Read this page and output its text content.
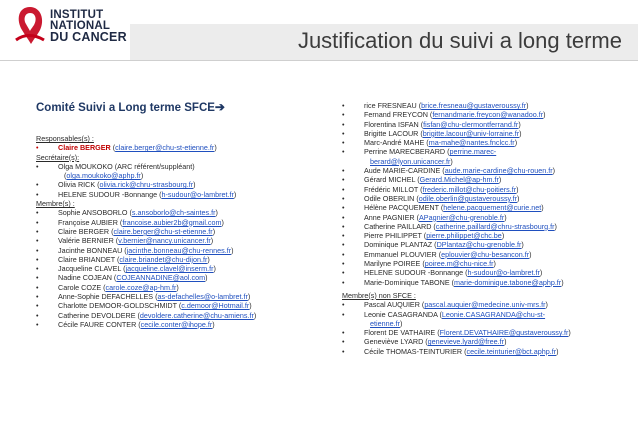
INSTITUT
NATIONAL
DU CANCER	Justification du suivi a long terme
Comité Suivi a Long terme SFCE➔
Responsables(s) :
• Claire BERGER (claire.berger@chu-st-etienne.fr)
Secrétaire(s):
• Olga MOUKOKO (ARC référent/suppléant)
(olga.moukoko@aphp.fr)
• Olivia RICK (olivia.rick@chru-strasbourg.fr)
• HELENE SUDOUR -Bonnange (h-sudour@o-lambret.fr)
Membre(s) :
• Sophie ANSOBORLO (s.ansoborlo@ch-saintes.fr)
• Françoise AUBIER (francoise.aubier2b@gmail.com)
• Claire BERGER (claire.berger@chu-st-etienne.fr)
• Valérie BERNIER (v.bernier@nancy.unicancer.fr)
• Jacinthe BONNEAU (jacinthe.bonneau@chu-rennes.fr)
• Claire BRIANDET (claire.briandet@chu-dijon.fr)
• Jacqueline CLAVEL (jacqueline.clavel@inserm.fr)
• Nadine COJEAN (COJEANNADINE@aol.com)
• Carole COZE (carole.coze@ap-hm.fr)
• Anne-Sophie DEFACHELLES (as-defachelles@o-lambret.fr)
• Charlotte DEMOOR-GOLDSCHMIDT (c.demoor@Hotmail.fr)
• Catherine DEVOLDERE (devoldere.catherine@chu-amiens.fr)
• Cécile FAURE CONTER (cecile.conter@ihope.fr)
• rice FRESNEAU (brice.fresneau@gustaveroussy.fr)
• Fernand FREYCON (fernandmarie.freycon@wanadoo.fr)
• Florentina ISFAN (fisfan@chu-clermontferrand.fr)
• Brigitte LACOUR (brigitte.lacour@univ-lorraine.fr)
• Marc-André MAHE (ma-mahe@nantes.fnclcc.fr)
• Perrine MARECBERARD (perrine.marec-
berard@lyon.unicancer.fr)
• Aude MARIE-CARDINE (aude.marie-cardine@chu-rouen.fr)
• Gérard MICHEL (Gerard.Michel@ap-hm.fr)
• Frédéric MILLOT (frederic.millot@chu-poitiers.fr)
• Odile OBERLIN (odile.oberlin@gustaveroussy.fr)
• Hélène PACQUEMENT (helene.pacquement@curie.net)
• Anne PAGNIER (APagnier@chu-grenoble.fr)
• Catherine PAILLARD (catherine.paillard@chru-strasbourg.fr)
• Pierre PHILIPPET (pierre.philippet@chc.be)
• Dominique PLANTAZ (DPlantaz@chu-grenoble.fr)
• Emmanuel PLOUVIER (eplouvier@chu-besancon.fr)
• Marilyne POIREE (poiree.m@chu-nice.fr)
• HELENE SUDOUR -Bonnange (h-sudour@o-lambret.fr)
• Marie-Dominique TABONE (marie-dominique.tabone@aphp.fr)
Membre(s) non SFCE :
• Pascal AUQUIER (pascal.auquier@medecine.univ-mrs.fr)
• Leonie CASAGRANDA (Leonie.CASAGRANDA@chu-st-
etienne.fr)
• Florent DE VATHAIRE (Florent.DEVATHAIRE@gustaveroussy.fr)
• Geneviève LYARD (genevieve.lyard@free.fr)
• Cécile THOMAS-TEINTURIER (cecile.teinturier@bct.aphp.fr)
